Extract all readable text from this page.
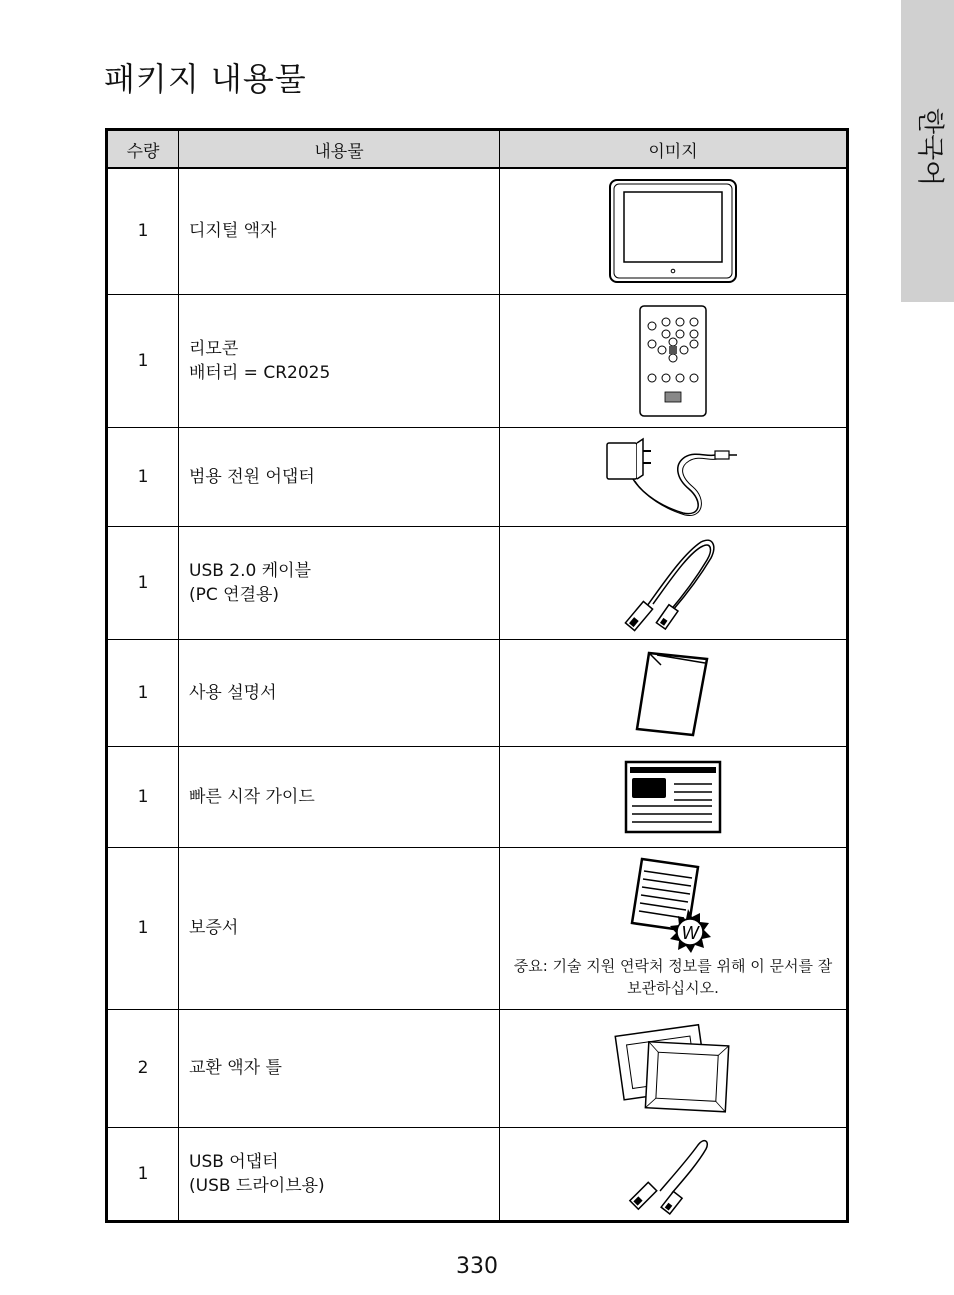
한국어
패키지 내용물
수량	내용물	이미지
1	디지털 액자

1	리모콘
배터리 = CR2025

1	범용 전원 어댑터

1	USB 2.0 케이블
(PC 연결용)

1	사용 설명서

1	빠른 시작 가이드

1	보증서	W
중요: 기술 지원 연락처 정보를 위해 이 문서를 잘 보관하십시오.

2	교환 액자 틀

1	USB 어댑터
(USB 드라이브용)

330
